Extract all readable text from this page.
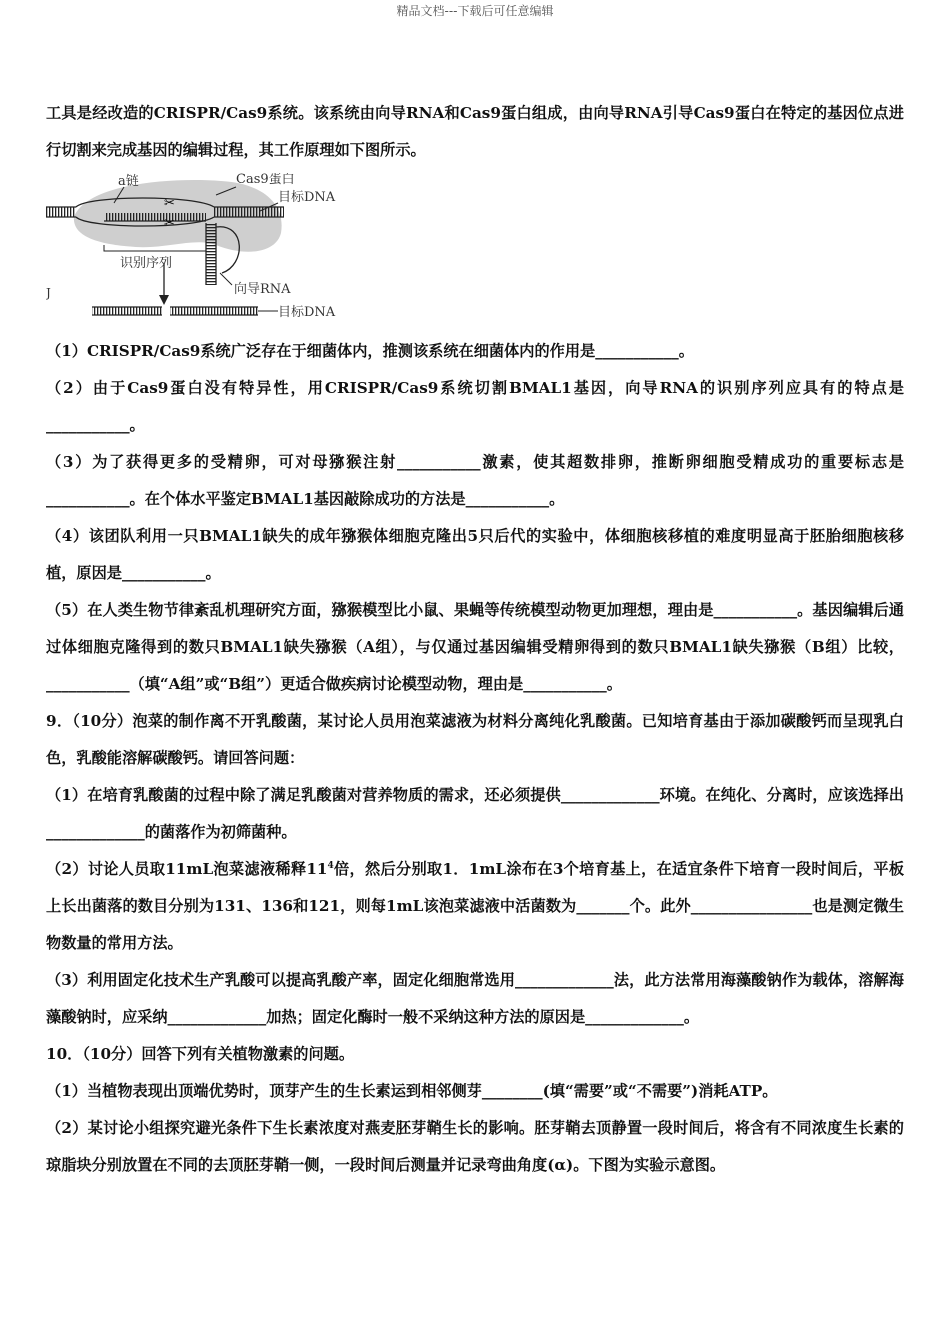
精品文档---下载后可任意编辑

工具是经改造的CRISPR/Cas9系统。该系统由向导RNA和Cas9蛋白组成，由向导RNA引导Cas9蛋白在特定的基因位点进行切割来完成基因的编辑过程，其工作原理如下图所示。

✂
✂
a链	Cas9蛋白
目标DNA
识别序列
向导RNA
目标DNA
J

（1）CRISPR/Cas9系统广泛存在于细菌体内，推测该系统在细菌体内的作用是___________。

（2）由于Cas9蛋白没有特异性，用CRISPR/Cas9系统切割BMAL1基因，向导RNA的识别序列应具有的特点是___________。

（3）为了获得更多的受精卵，可对母猕猴注射___________激素，使其超数排卵，推断卵细胞受精成功的重要标志是___________。在个体水平鉴定BMAL1基因敲除成功的方法是___________。

（4）该团队利用一只BMAL1缺失的成年猕猴体细胞克隆出5只后代的实验中，体细胞核移植的难度明显高于胚胎细胞核移植，原因是___________。

（5）在人类生物节律紊乱机理研究方面，猕猴模型比小鼠、果蝇等传统模型动物更加理想，理由是___________。基因编辑后通过体细胞克隆得到的数只BMAL1缺失猕猴（A组），与仅通过基因编辑受精卵得到的数只BMAL1缺失猕猴（B组）比较，___________（填“A组”或“B组”）更适合做疾病讨论模型动物，理由是___________。

9．（10分）泡菜的制作离不开乳酸菌，某讨论人员用泡菜滤液为材料分离纯化乳酸菌。已知培育基由于添加碳酸钙而呈现乳白色，乳酸能溶解碳酸钙。请回答问题：

（1）在培育乳酸菌的过程中除了满足乳酸菌对营养物质的需求，还必须提供_____________环境。在纯化、分离时，应该选择出_____________的菌落作为初筛菌种。

（2）讨论人员取11mL泡菜滤液稀释$11^4$倍，然后分别取1．1mL涂布在3个培育基上，在适宜条件下培育一段时间后，平板上长出菌落的数目分别为131、136和121，则每1mL该泡菜滤液中活菌数为_______个。此外________________也是测定微生物数量的常用方法。

（3）利用固定化技术生产乳酸可以提高乳酸产率，固定化细胞常选用_____________法，此方法常用海藻酸钠作为载体，溶解海藻酸钠时，应采纳_____________加热；固定化酶时一般不采纳这种方法的原因是_____________。

10．（10分）回答下列有关植物激素的问题。

（1）当植物表现出顶端优势时，顶芽产生的生长素运到相邻侧芽________(填“需要”或“不需要”)消耗ATP。

（2）某讨论小组探究避光条件下生长素浓度对燕麦胚芽鞘生长的影响。胚芽鞘去顶静置一段时间后，将含有不同浓度生长素的琼脂块分别放置在不同的去顶胚芽鞘一侧，一段时间后测量并记录弯曲角度(α)。下图为实验示意图。
